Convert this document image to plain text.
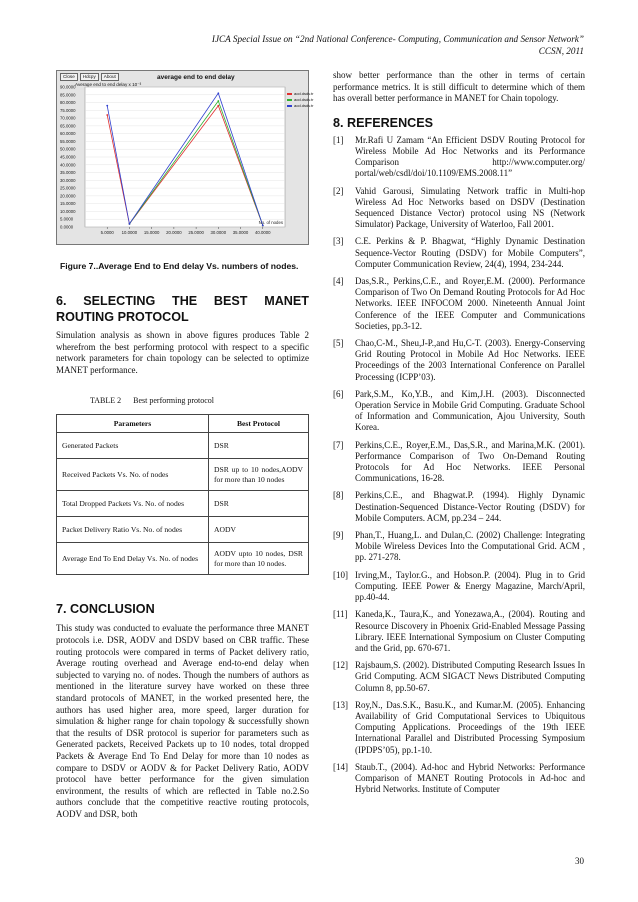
IJCA Special Issue on “2nd National Conference- Computing, Communication and Sensor Network”
CCSN, 2011
Close	Hdcpy	About
Average end to end delay x 10⁻³
average end to end delay
0.0000
5.0000
10.0000
15.0000
20.0000
25.0000
30.0000
35.0000
40.0000
45.0000
50.0000
55.0000
60.0000
65.0000
70.0000
75.0000
80.0000
85.0000
90.0000
5.0000 10.0000 15.0000 20.0000 25.0000 30.0000 35.0000 40.0000
No. of nodes
aod.dsdv.tr
aod.dsdv.tr
aod.dsdv.tr
Figure 7..Average End to End delay Vs. numbers of nodes.
6. SELECTING THE BEST MANET
ROUTING PROTOCOL

Simulation analysis as shown in above figures produces Table 2 wherefrom the best performing protocol with respect to a specific network parameters for chain topology can be selected to optimize MANET performance.

TABLE 2 Best performing protocol
Parameters	Best Protocol
Generated Packets	DSR
Received Packets Vs. No. of nodes	DSR up to 10 nodes,AODV for more than 10 nodes
Total Dropped Packets Vs. No. of nodes	DSR
Packet Delivery Ratio Vs. No. of nodes	AODV
Average End To End Delay Vs. No. of nodes	AODV upto 10 nodes, DSR for more than 10 nodes.
7. CONCLUSION

This study was conducted to evaluate the performance three MANET protocols i.e. DSR, AODV and DSDV based on CBR traffic. These routing protocols were compared in terms of Packet delivery ratio, Average routing overhead and Average end-to-end delay when subjected to varying no. of nodes. Though the numbers of authors as mentioned in the literature survey have worked on these three standard protocols of MANET, in the worked presented here, the authors has used higher area, more speed, larger duration for simulation & higher range for chain topology & successfully shown that the results of DSR protocol is superior for parameters such as Generated packets, Received Packets up to 10 nodes, total dropped Packets & Average End To End Delay for more than 10 nodes as compare to DSDV or AODV & for Packet Delivery Ratio, AODV protocol have better performance for the given simulation environment, the results of which are reflected in Table no.2.So authors conclude that the competitive reactive routing protocols, AODV and DSR, both

show better performance than the other in terms of certain performance metrics. It is still difficult to determine which of them has overall better performance in MANET for Chain topology.

8. REFERENCES
[1] Mr.Rafi U Zamam “An Efficient DSDV Routing Protocol for Wireless Mobile Ad Hoc Networks and its Performance Comparison http://www.computer.org/ portal/web/csdl/doi/10.1109/EMS.2008.11”
[2] Vahid Garousi, Simulating Network traffic in Multi-hop Wireless Ad Hoc Networks based on DSDV (Destination Sequenced Distance Vector) protocol using NS (Network Simulator) Package, University of Waterloo, Fall 2001.
[3] C.E. Perkins & P. Bhagwat, “Highly Dynamic Destination Sequence-Vector Routing (DSDV) for Mobile Computers”, Computer Communication Review, 24(4), 1994, 234-244.
[4] Das,S.R., Perkins,C.E., and Royer,E.M. (2000). Performance Comparison of Two On Demand Routing Protocols for Ad Hoc Networks. IEEE INFOCOM 2000. Nineteenth Annual Joint Conference of the IEEE Computer and Communications Societies, pp.3-12.
[5] Chao,C-M., Sheu,J-P.,and Hu,C-T. (2003). Energy-Conserving Grid Routing Protocol in Mobile Ad Hoc Networks. IEEE Proceedings of the 2003 International Conference on Parallel Processing (ICPP’03).
[6] Park,S.M., Ko,Y.B., and Kim,J.H. (2003). Disconnected Operation Service in Mobile Grid Computing. Graduate School of Information and Communication, Ajou University, South Korea.
[7] Perkins,C.E., Royer,E.M., Das,S.R., and Marina,M.K. (2001). Performance Comparison of Two On-Demand Routing Protocols for Ad Hoc Networks. IEEE Personal Communications, 16-28.
[8] Perkins,C.E., and Bhagwat.P. (1994). Highly Dynamic Destination-Sequenced Distance-Vector Routing (DSDV) for Mobile Computers. ACM, pp.234 – 244.
[9] Phan,T., Huang,L. and Dulan,C. (2002) Challenge: Integrating Mobile Wireless Devices Into the Computational Grid. ACM , pp. 271-278.
[10] Irving,M., Taylor.G., and Hobson.P. (2004). Plug in to Grid Computing. IEEE Power & Energy Magazine, March/April, pp.40-44.
[11] Kaneda,K., Taura,K., and Yonezawa,A., (2004). Routing and Resource Discovery in Phoenix Grid-Enabled Message Passing Library. IEEE International Symposium on Cluster Computing and the Grid, pp. 670-671.
[12] Rajsbaum,S. (2002). Distributed Computing Research Issues In Grid Computing. ACM SIGACT News Distributed Computing Column 8, pp.50-67.
[13] Roy,N., Das.S.K., Basu.K., and Kumar.M. (2005). Enhancing Availability of Grid Computational Services to Ubiquitous Computing Applications. Proceedings of the 19th IEEE International Parallel and Distributed Processing Symposium (IPDPS’05), pp.1-10.
[14] Staub.T., (2004). Ad-hoc and Hybrid Networks: Performance Comparison of MANET Routing Protocols in Ad-hoc and Hybrid Networks. Institute of Computer
30
